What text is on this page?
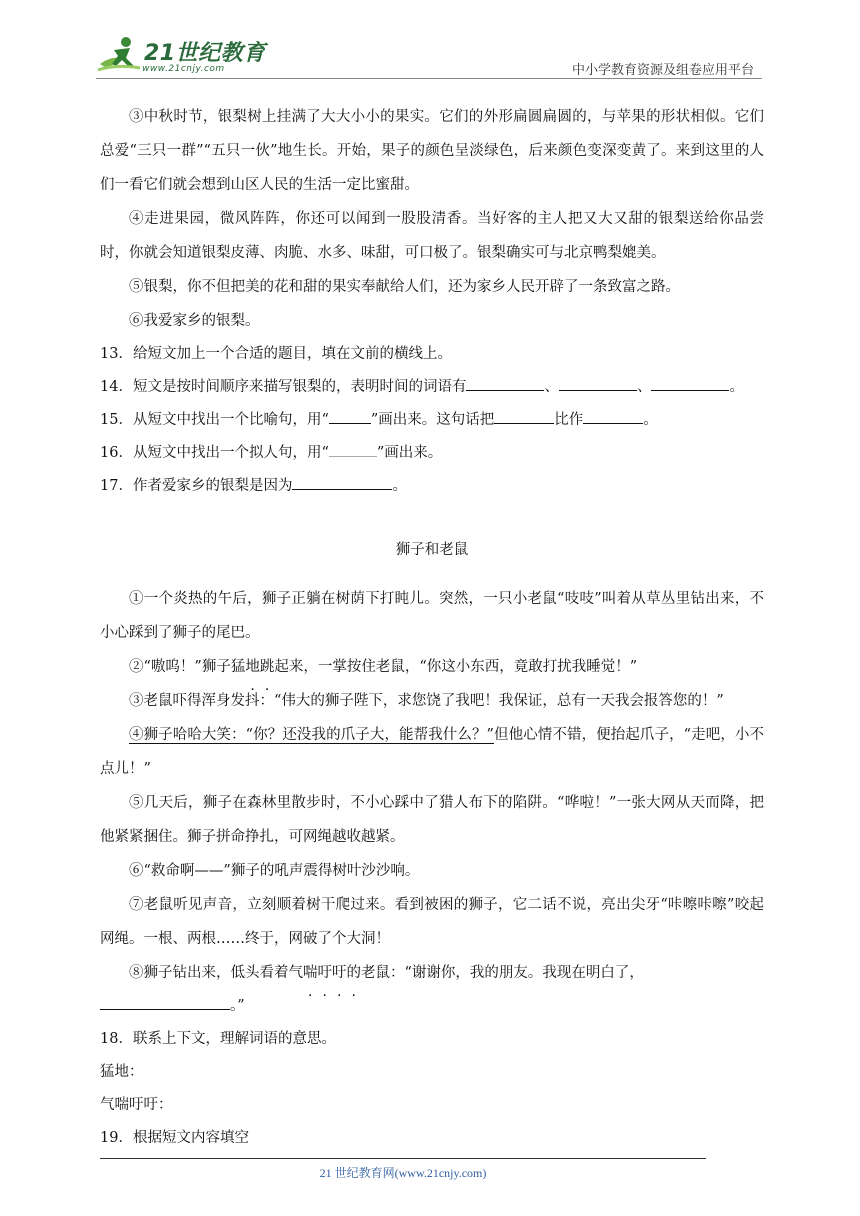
21世纪教育
www.21cnjy.com	中小学教育资源及组卷应用平台

③中秋时节，银梨树上挂满了大大小小的果实。它们的外形扁圆扁圆的，与苹果的形状相似。它们总爱“三只一群”“五只一伙”地生长。开始，果子的颜色呈淡绿色，后来颜色变深变黄了。来到这里的人们一看它们就会想到山区人民的生活一定比蜜甜。

④走进果园，微风阵阵，你还可以闻到一股股清香。当好客的主人把又大又甜的银梨送给你品尝时，你就会知道银梨皮薄、肉脆、水多、味甜，可口极了。银梨确实可与北京鸭梨媲美。

⑤银梨，你不但把美的花和甜的果实奉献给人们，还为家乡人民开辟了一条致富之路。

⑥我爱家乡的银梨。

13．给短文加上一个合适的题目，填在文前的横线上。

14．短文是按时间顺序来描写银梨的，表明时间的词语有	、	、	。

15．从短文中找出一个比喻句，用“	”画出来。这句话把	比作	。

16．从短文中找出一个拟人句，用“	”画出来。

17．作者爱家乡的银梨是因为	。

狮子和老鼠

①一个炎热的午后，狮子正躺在树荫下打盹儿。突然，一只小老鼠“吱吱”叫着从草丛里钻出来，不小心踩到了狮子的尾巴。

②“嗷呜！”狮子猛地跳起来，一掌按住老鼠，“你这小东西，竟敢打扰我睡觉！”

③老鼠吓得浑身发抖：“伟大的狮子陛下，求您饶了我吧！我保证，总有一天我会报答您的！”

④狮子哈哈大笑：“你？还没我的爪子大，能帮我什么？”但他心情不错，便抬起爪子，“走吧，小不点儿！”

⑤几天后，狮子在森林里散步时，不小心踩中了猎人布下的陷阱。“哗啦！”一张大网从天而降，把他紧紧捆住。狮子拼命挣扎，可网绳越收越紧。

⑥“救命啊——”狮子的吼声震得树叶沙沙响。

⑦老鼠听见声音，立刻顺着树干爬过来。看到被困的狮子，它二话不说，亮出尖牙“咔嚓咔嚓”咬起网绳。一根、两根……终于，网破了个大洞！

⑧狮子钻出来，低头看着气喘吁吁的老鼠：“谢谢你，我的朋友。我现在明白了，

。”

18．联系上下文，理解词语的意思。

猛地：

气喘吁吁：

19．根据短文内容填空

21 世纪教育网(www.21cnjy.com)
